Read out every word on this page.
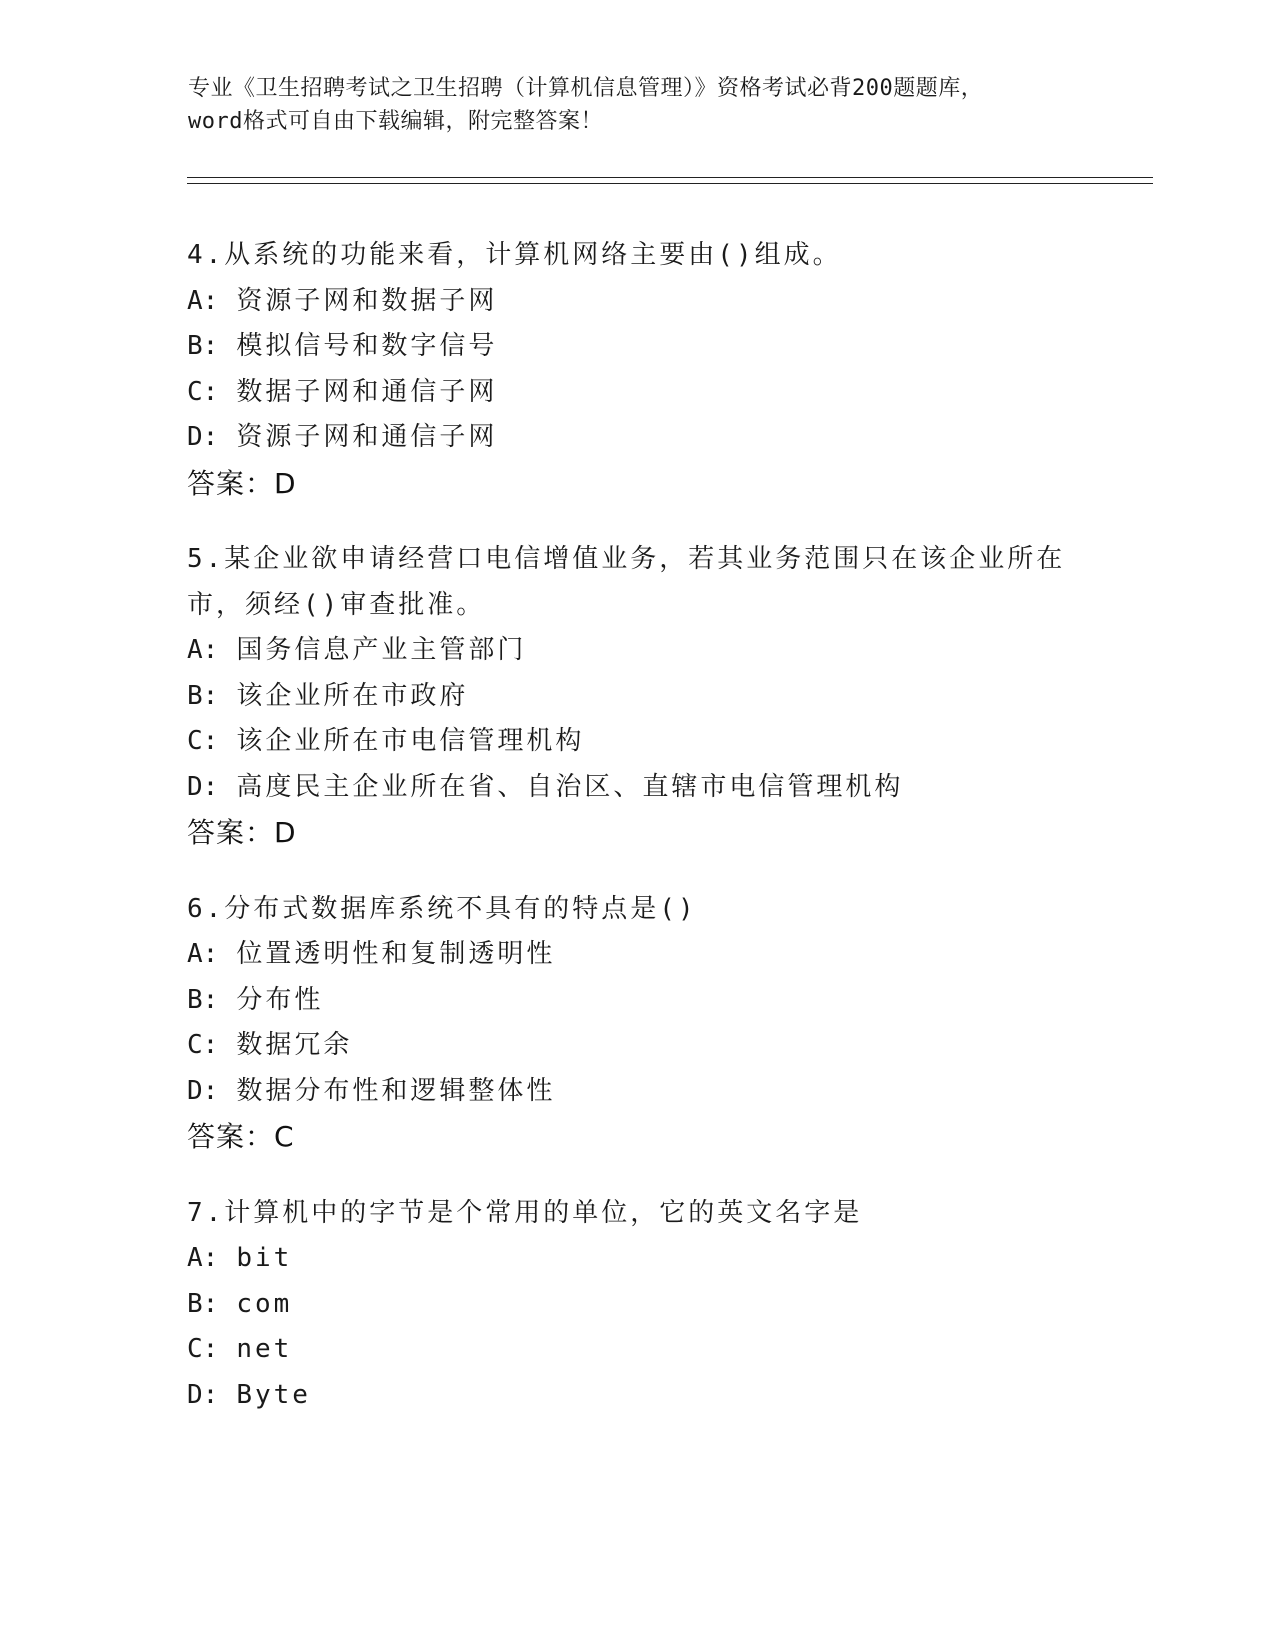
专业《卫生招聘考试之卫生招聘（计算机信息管理）》资格考试必背200题题库，
word格式可自由下载编辑，附完整答案！
4.从系统的功能来看，计算机网络主要由()组成。
A: 资源子网和数据子网
B: 模拟信号和数字信号
C: 数据子网和通信子网
D: 资源子网和通信子网
答案：D
5.某企业欲申请经营口电信增值业务，若其业务范围只在该企业所在市，须经()审查批准。
A: 国务信息产业主管部门
B: 该企业所在市政府
C: 该企业所在市电信管理机构
D: 高度民主企业所在省、自治区、直辖市电信管理机构
答案：D
6.分布式数据库系统不具有的特点是()
A: 位置透明性和复制透明性
B: 分布性
C: 数据冗余
D: 数据分布性和逻辑整体性
答案：C
7.计算机中的字节是个常用的单位，它的英文名字是
A: bit
B: com
C: net
D: Byte
